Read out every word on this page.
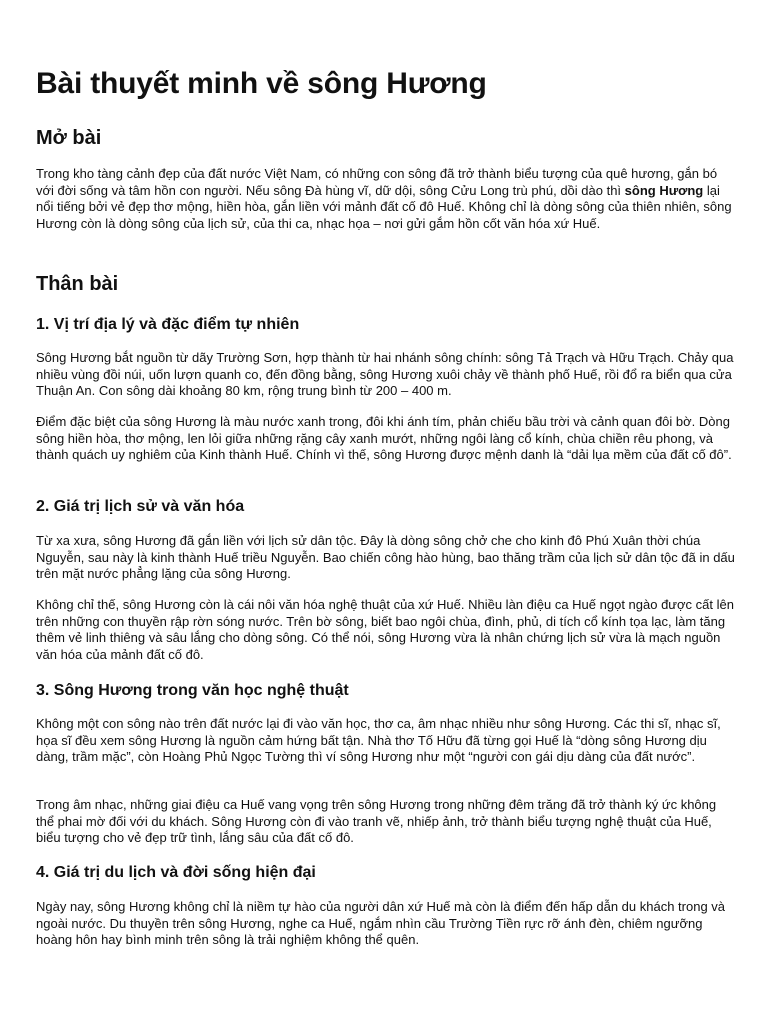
Bài thuyết minh về sông Hương
Mở bài

Trong kho tàng cảnh đẹp của đất nước Việt Nam, có những con sông đã trở thành biểu tượng của quê hương, gắn bó với đời sống và tâm hồn con người. Nếu sông Đà hùng vĩ, dữ dội, sông Cửu Long trù phú, dồi dào thì sông Hương lại nổi tiếng bởi vẻ đẹp thơ mộng, hiền hòa, gắn liền với mảnh đất cố đô Huế. Không chỉ là dòng sông của thiên nhiên, sông Hương còn là dòng sông của lịch sử, của thi ca, nhạc họa – nơi gửi gắm hồn cốt văn hóa xứ Huế.

Thân bài
1. Vị trí địa lý và đặc điểm tự nhiên

Sông Hương bắt nguồn từ dãy Trường Sơn, hợp thành từ hai nhánh sông chính: sông Tả Trạch và Hữu Trạch. Chảy qua nhiều vùng đồi núi, uốn lượn quanh co, đến đồng bằng, sông Hương xuôi chảy về thành phố Huế, rồi đổ ra biển qua cửa Thuận An. Con sông dài khoảng 80 km, rộng trung bình từ 200 – 400 m.

Điểm đặc biệt của sông Hương là màu nước xanh trong, đôi khi ánh tím, phản chiếu bầu trời và cảnh quan đôi bờ. Dòng sông hiền hòa, thơ mộng, len lỏi giữa những rặng cây xanh mướt, những ngôi làng cổ kính, chùa chiền rêu phong, và thành quách uy nghiêm của Kinh thành Huế. Chính vì thế, sông Hương được mệnh danh là “dải lụa mềm của đất cố đô”.

2. Giá trị lịch sử và văn hóa

Từ xa xưa, sông Hương đã gắn liền với lịch sử dân tộc. Đây là dòng sông chở che cho kinh đô Phú Xuân thời chúa Nguyễn, sau này là kinh thành Huế triều Nguyễn. Bao chiến công hào hùng, bao thăng trầm của lịch sử dân tộc đã in dấu trên mặt nước phẳng lặng của sông Hương.

Không chỉ thế, sông Hương còn là cái nôi văn hóa nghệ thuật của xứ Huế. Nhiều làn điệu ca Huế ngọt ngào được cất lên trên những con thuyền rập rờn sóng nước. Trên bờ sông, biết bao ngôi chùa, đình, phủ, di tích cổ kính tọa lạc, làm tăng thêm vẻ linh thiêng và sâu lắng cho dòng sông. Có thể nói, sông Hương vừa là nhân chứng lịch sử vừa là mạch nguồn văn hóa của mảnh đất cố đô.

3. Sông Hương trong văn học nghệ thuật

Không một con sông nào trên đất nước lại đi vào văn học, thơ ca, âm nhạc nhiều như sông Hương. Các thi sĩ, nhạc sĩ, họa sĩ đều xem sông Hương là nguồn cảm hứng bất tận. Nhà thơ Tố Hữu đã từng gọi Huế là “dòng sông Hương dịu dàng, trầm mặc”, còn Hoàng Phủ Ngọc Tường thì ví sông Hương như một “người con gái dịu dàng của đất nước”.

Trong âm nhạc, những giai điệu ca Huế vang vọng trên sông Hương trong những đêm trăng đã trở thành ký ức không thể phai mờ đối với du khách. Sông Hương còn đi vào tranh vẽ, nhiếp ảnh, trở thành biểu tượng nghệ thuật của Huế, biểu tượng cho vẻ đẹp trữ tình, lắng sâu của đất cố đô.

4. Giá trị du lịch và đời sống hiện đại

Ngày nay, sông Hương không chỉ là niềm tự hào của người dân xứ Huế mà còn là điểm đến hấp dẫn du khách trong và ngoài nước. Du thuyền trên sông Hương, nghe ca Huế, ngắm nhìn cầu Trường Tiền rực rỡ ánh đèn, chiêm ngưỡng hoàng hôn hay bình minh trên sông là trải nghiệm không thể quên.
